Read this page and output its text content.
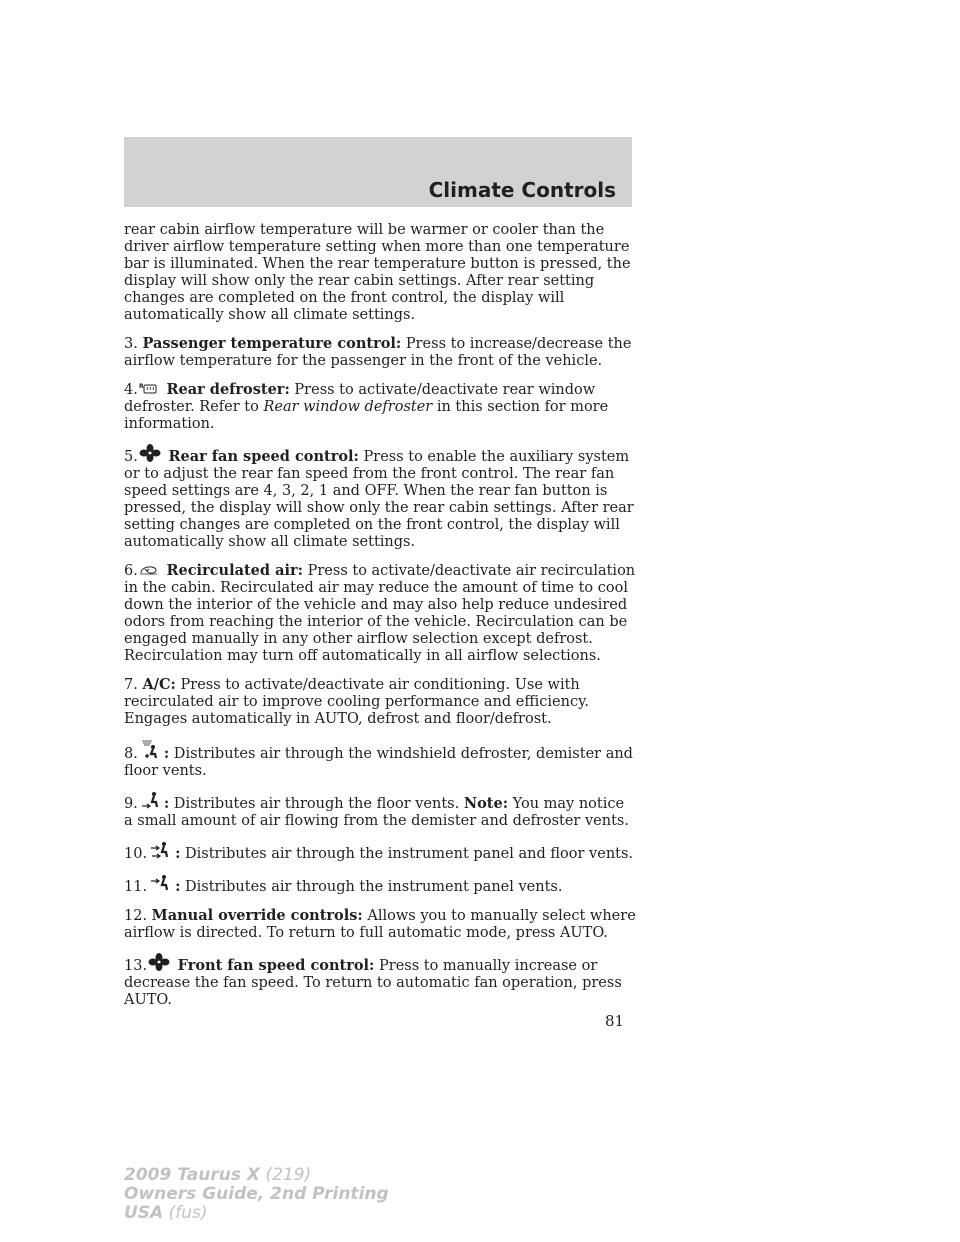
Climate Controls

rear cabin airflow temperature will be warmer or cooler than the driver airflow temperature setting when more than one temperature bar is illuminated. When the rear temperature button is pressed, the display will show only the rear cabin settings. After rear setting changes are completed on the front control, the display will automatically show all climate settings.

3. Passenger temperature control: Press to increase/decrease the airflow temperature for the passenger in the front of the vehicle.

4. R Rear defroster: Press to activate/deactivate rear window defroster. Refer to Rear window defroster in this section for more information.

5. Rear fan speed control: Press to enable the auxiliary system or to adjust the rear fan speed from the front control. The rear fan speed settings are 4, 3, 2, 1 and OFF. When the rear fan button is pressed, the display will show only the rear cabin settings. After rear setting changes are completed on the front control, the display will automatically show all climate settings.

6. Recirculated air: Press to activate/deactivate air recirculation in the cabin. Recirculated air may reduce the amount of time to cool down the interior of the vehicle and may also help reduce undesired odors from reaching the interior of the vehicle. Recirculation can be engaged manually in any other airflow selection except defrost. Recirculation may turn off automatically in all airflow selections.

7. A/C: Press to activate/deactivate air conditioning. Use with recirculated air to improve cooling performance and efficiency. Engages automatically in AUTO, defrost and floor/defrost.

8. : Distributes air through the windshield defroster, demister and floor vents.

9. : Distributes air through the floor vents. Note: You may notice a small amount of air flowing from the demister and defroster vents.

10. : Distributes air through the instrument panel and floor vents.

11. : Distributes air through the instrument panel vents.

12. Manual override controls: Allows you to manually select where airflow is directed. To return to full automatic mode, press AUTO.

13. Front fan speed control: Press to manually increase or decrease the fan speed. To return to automatic fan operation, press AUTO.

81
2009 Taurus X (219)
Owners Guide, 2nd Printing
USA (fus)
